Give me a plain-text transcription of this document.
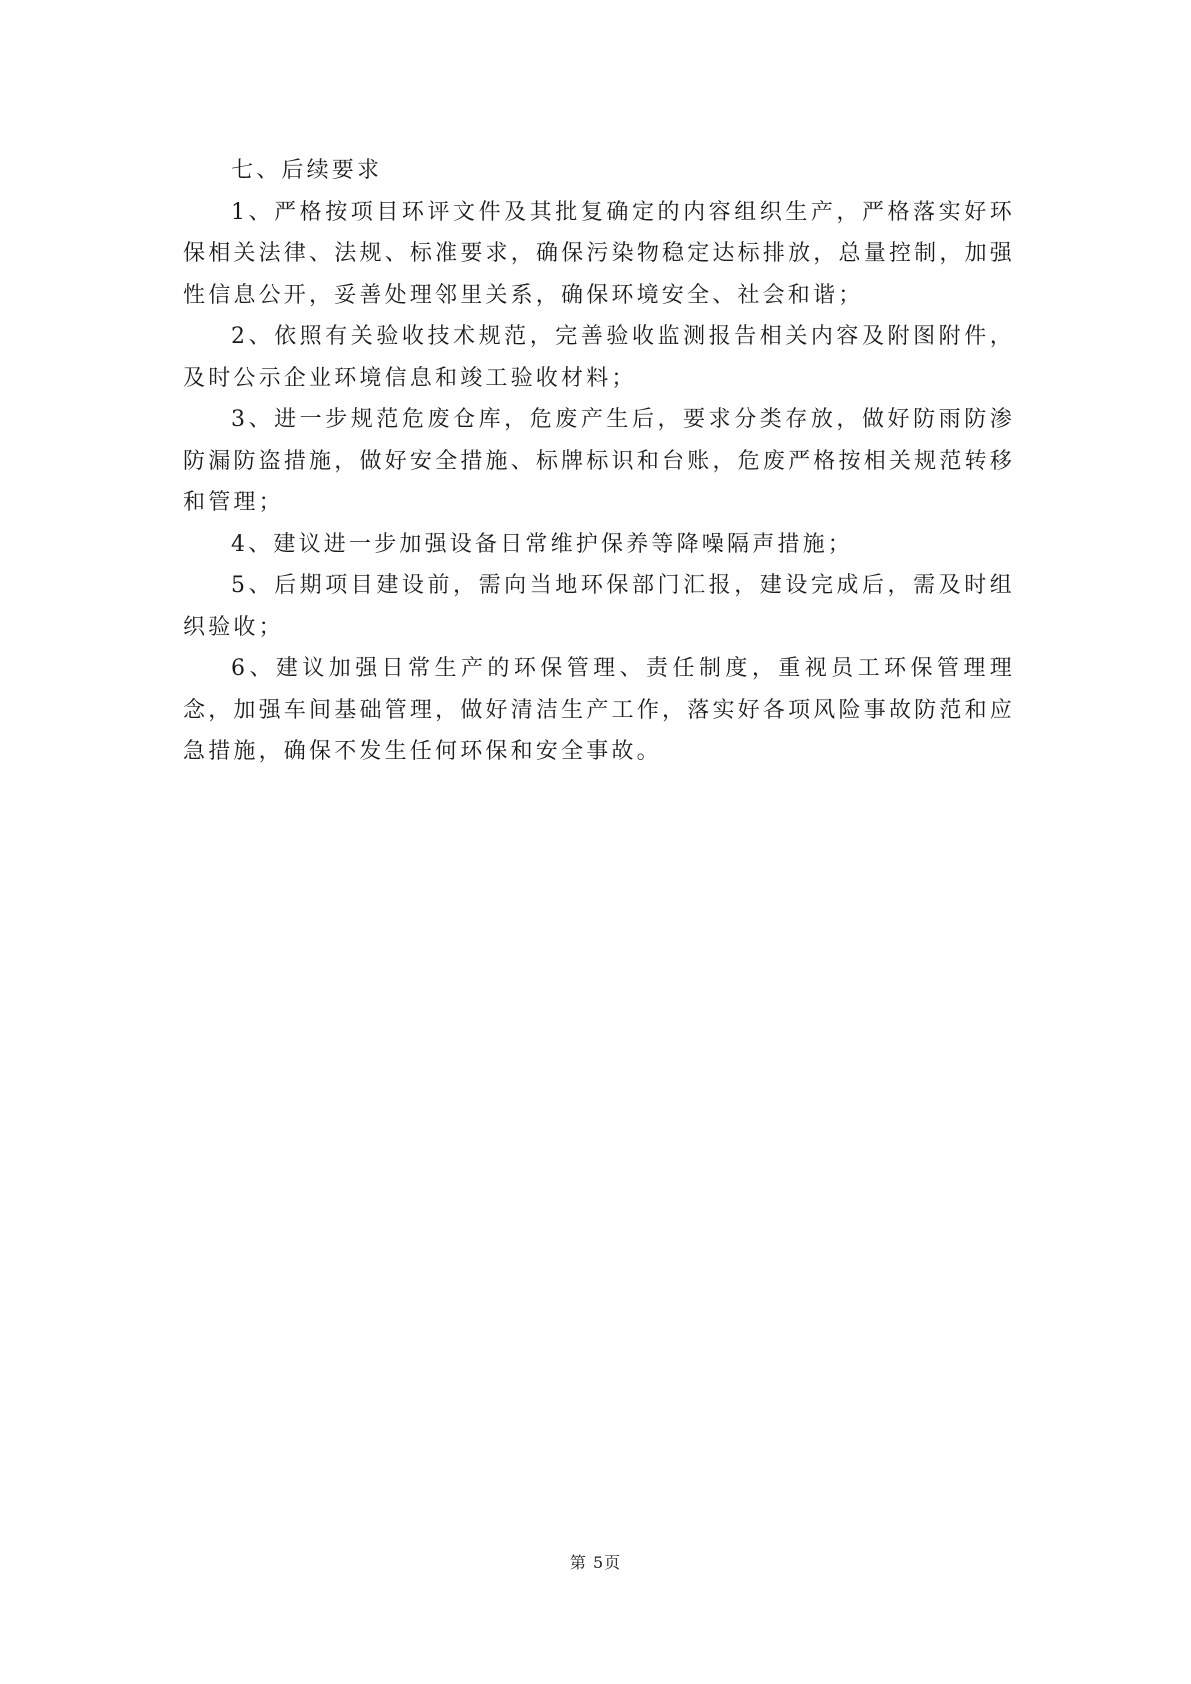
七、后续要求

1、严格按项目环评文件及其批复确定的内容组织生产，严格落实好环保相关法律、法规、标准要求，确保污染物稳定达标排放，总量控制，加强性信息公开，妥善处理邻里关系，确保环境安全、社会和谐；

2、依照有关验收技术规范，完善验收监测报告相关内容及附图附件，及时公示企业环境信息和竣工验收材料；

3、进一步规范危废仓库，危废产生后，要求分类存放，做好防雨防渗防漏防盗措施，做好安全措施、标牌标识和台账，危废严格按相关规范转移和管理；

4、建议进一步加强设备日常维护保养等降噪隔声措施；

5、后期项目建设前，需向当地环保部门汇报，建设完成后，需及时组织验收；

6、建议加强日常生产的环保管理、责任制度，重视员工环保管理理念，加强车间基础管理，做好清洁生产工作，落实好各项风险事故防范和应急措施，确保不发生任何环保和安全事故。

第 5页
